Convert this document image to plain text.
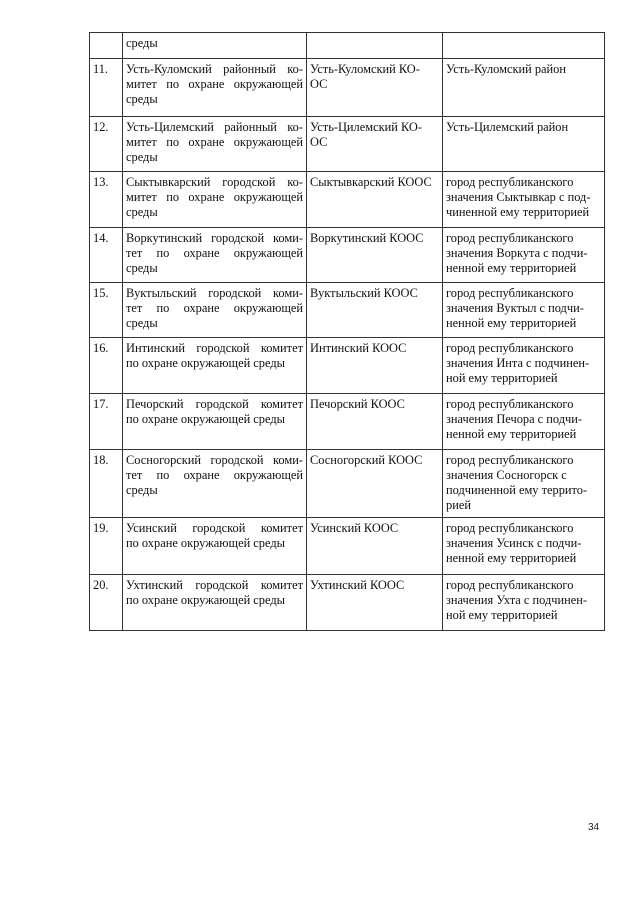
	среды		

11.	Усть-Куломский районный ко-
митет по охране окружающей
среды	Усть-Куломский КО-
ОС	Усть-Куломский район

12.	Усть-Цилемский районный ко-
митет по охране окружающей
среды	Усть-Цилемский КО-
ОС	Усть-Цилемский район

13.	Сыктывкарский городской ко-
митет по охране окружающей
среды	Сыктывкарский КООС	город республиканского
значения Сыктывкар с под-
чиненной ему территорией

14.	Воркутинский городской коми-
тет по охране окружающей
среды	Воркутинский КООС	город республиканского
значения Воркута с подчи-
ненной ему территорией

15.	Вуктыльский городской коми-
тет по охране окружающей
среды	Вуктыльский КООС	город республиканского
значения Вуктыл с подчи-
ненной ему территорией

16.	Интинский городской комитет
по охране окружающей среды	Интинский КООС	город республиканского
значения Инта с подчинен-
ной ему территорией

17.	Печорский городской комитет
по охране окружающей среды	Печорский КООС	город республиканского
значения Печора с подчи-
ненной ему территорией

18.	Сосногорский городской коми-
тет по охране окружающей
среды	Сосногорский КООС	город республиканского
значения Сосногорск с
подчиненной ему террито-
рией

19.	Усинский городской комитет
по охране окружающей среды	Усинский КООС	город республиканского
значения Усинск с подчи-
ненной ему территорией

20.	Ухтинский городской комитет
по охране окружающей среды	Ухтинский КООС	город республиканского
значения Ухта с подчинен-
ной ему территорией
34
